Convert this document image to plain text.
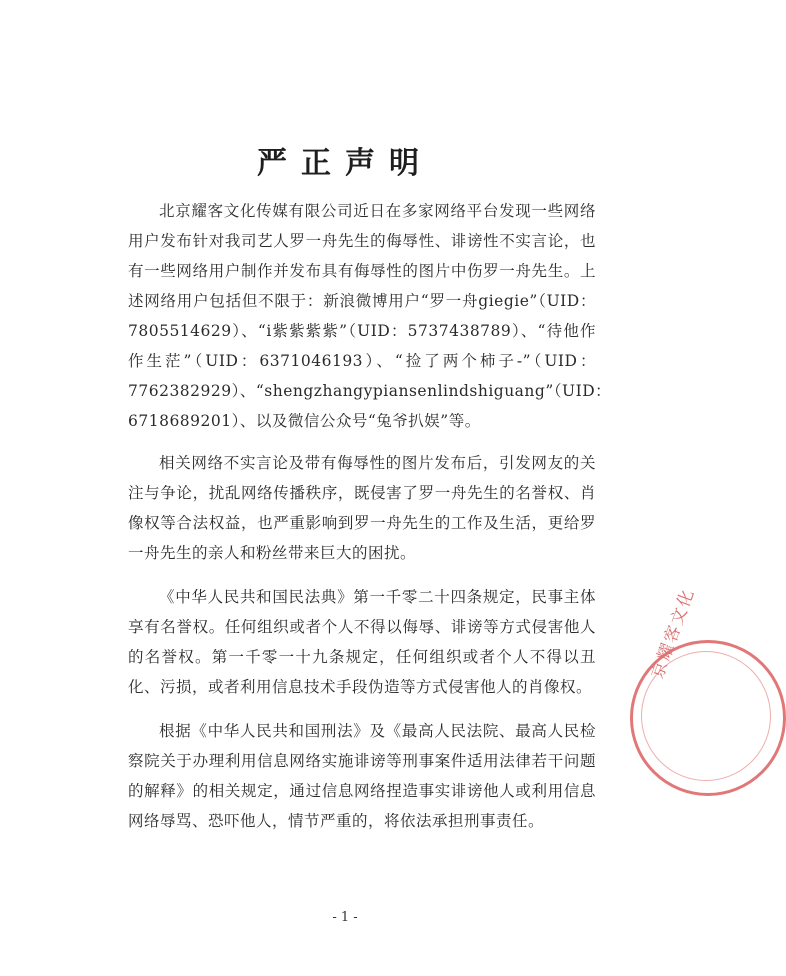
严正声明

北京耀客文化传媒有限公司近日在多家网络平台发现一些网络用户发布针对我司艺人罗一舟先生的侮辱性、诽谤性不实言论，也有一些网络用户制作并发布具有侮辱性的图片中伤罗一舟先生。上述网络用户包括但不限于：新浪微博用户“罗一舟giegie”（UID：7805514629）、“i紫紫紫紫”（UID：5737438789）、“待他作作生茫”（UID：6371046193）、“捡了两个柿子-”（UID：7762382929）、“shengzhangypiansenlindshiguang”（UID：6718689201）、以及微信公众号“兔爷扒娱”等。

相关网络不实言论及带有侮辱性的图片发布后，引发网友的关注与争论，扰乱网络传播秩序，既侵害了罗一舟先生的名誉权、肖像权等合法权益，也严重影响到罗一舟先生的工作及生活，更给罗一舟先生的亲人和粉丝带来巨大的困扰。

《中华人民共和国民法典》第一千零二十四条规定，民事主体享有名誉权。任何组织或者个人不得以侮辱、诽谤等方式侵害他人的名誉权。第一千零一十九条规定，任何组织或者个人不得以丑化、污损，或者利用信息技术手段伪造等方式侵害他人的肖像权。

根据《中华人民共和国刑法》及《最高人民法院、最高人民检察院关于办理利用信息网络实施诽谤等刑事案件适用法律若干问题的解释》的相关规定，通过信息网络捏造事实诽谤他人或利用信息网络辱骂、恐吓他人，情节严重的，将依法承担刑事责任。

京耀客文化
- 1 -
